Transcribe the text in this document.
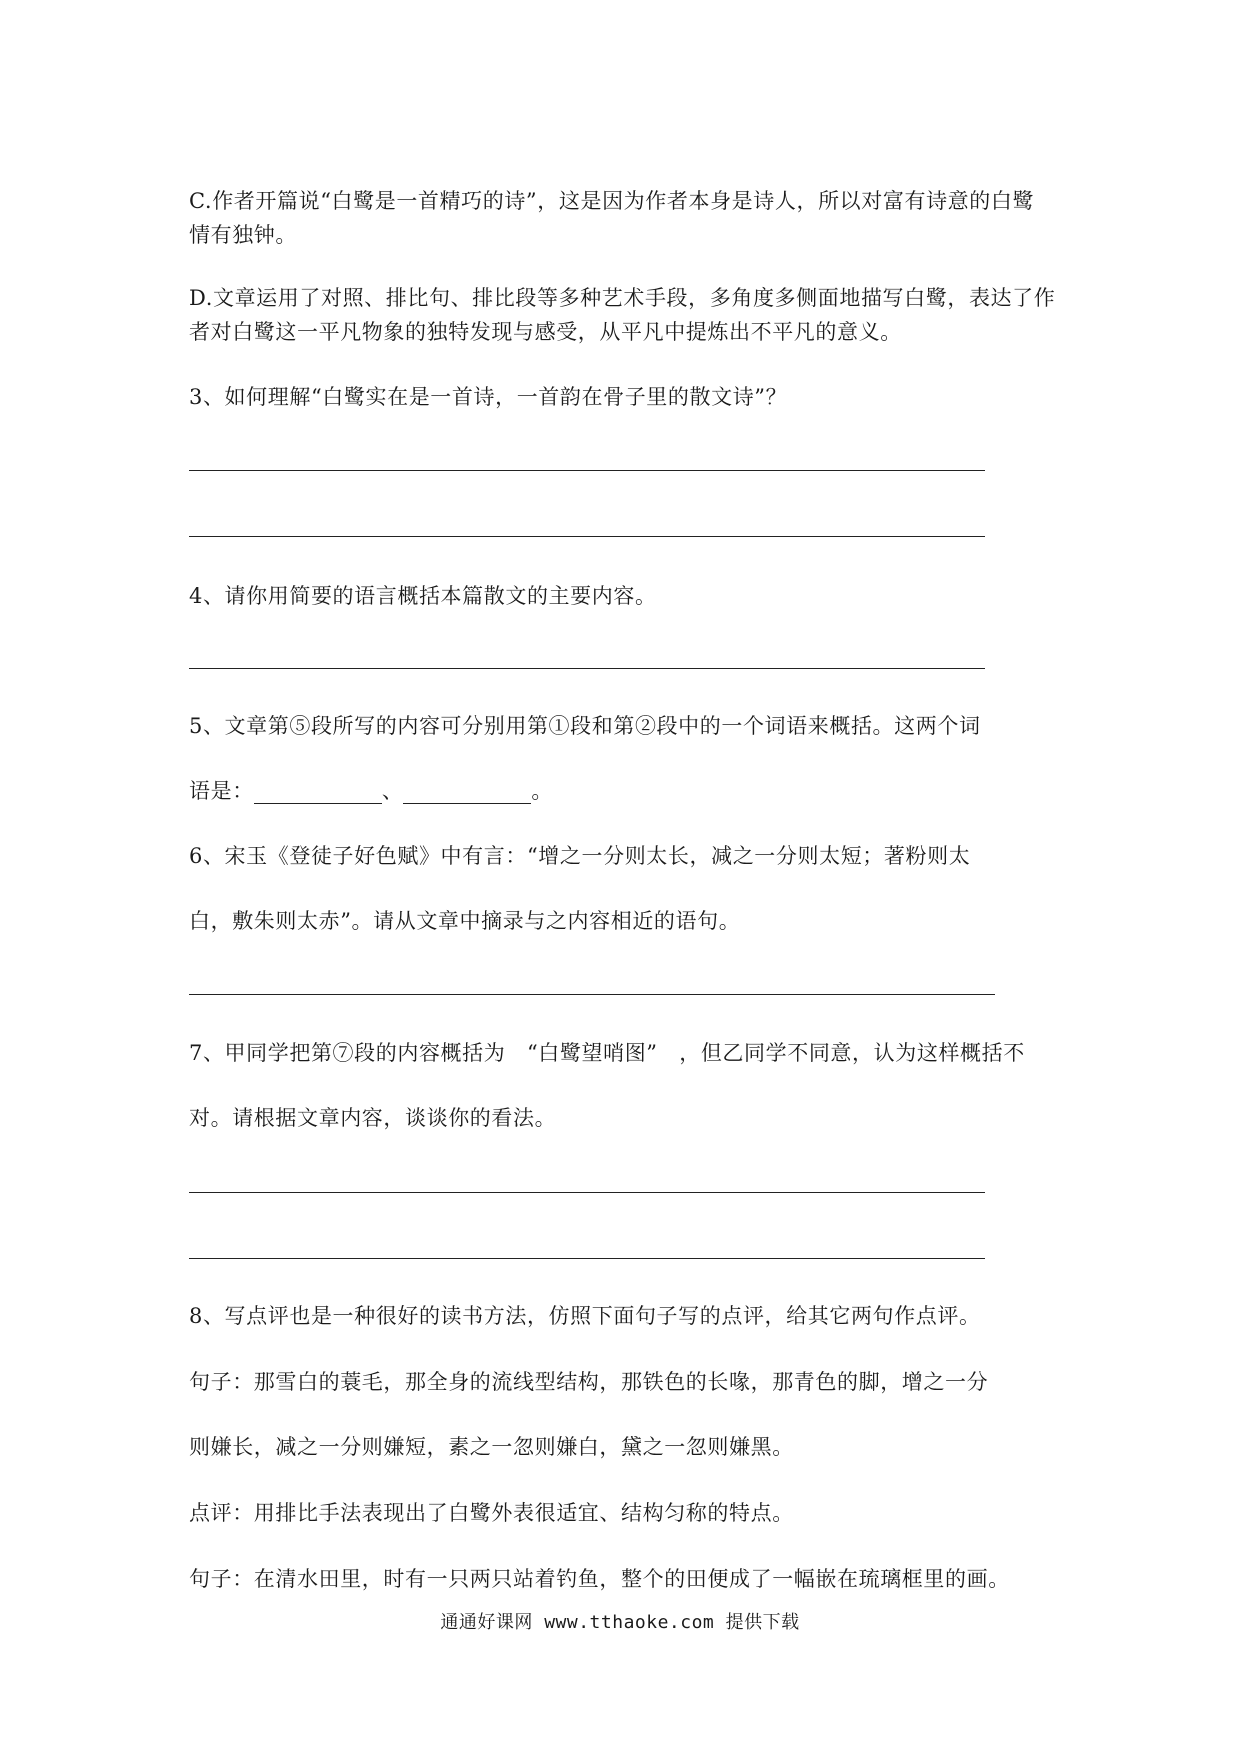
C.作者开篇说“白鹭是一首精巧的诗”，这是因为作者本身是诗人，所以对富有诗意的白鹭
情有独钟。
D.文章运用了对照、排比句、排比段等多种艺术手段，多角度多侧面地描写白鹭，表达了作
者对白鹭这一平凡物象的独特发现与感受，从平凡中提炼出不平凡的意义。
3、如何理解“白鹭实在是一首诗，一首韵在骨子里的散文诗”？
4、请你用简要的语言概括本篇散文的主要内容。
5、文章第⑤段所写的内容可分别用第①段和第②段中的一个词语来概括。这两个词
语是：	、	。
6、宋玉《登徒子好色赋》中有言：“增之一分则太长，减之一分则太短；著粉则太
白，敷朱则太赤”。请从文章中摘录与之内容相近的语句。
7、甲同学把第⑦段的内容概括为　“白鹭望哨图”　，但乙同学不同意，认为这样概括不
对。请根据文章内容，谈谈你的看法。
8、写点评也是一种很好的读书方法，仿照下面句子写的点评，给其它两句作点评。
句子：那雪白的蓑毛，那全身的流线型结构，那铁色的长喙，那青色的脚，增之一分
则嫌长，减之一分则嫌短，素之一忽则嫌白，黛之一忽则嫌黑。
点评：用排比手法表现出了白鹭外表很适宜、结构匀称的特点。
句子：在清水田里，时有一只两只站着钓鱼，整个的田便成了一幅嵌在琉璃框里的画。
通通好课网 www.tthaoke.com 提供下载
